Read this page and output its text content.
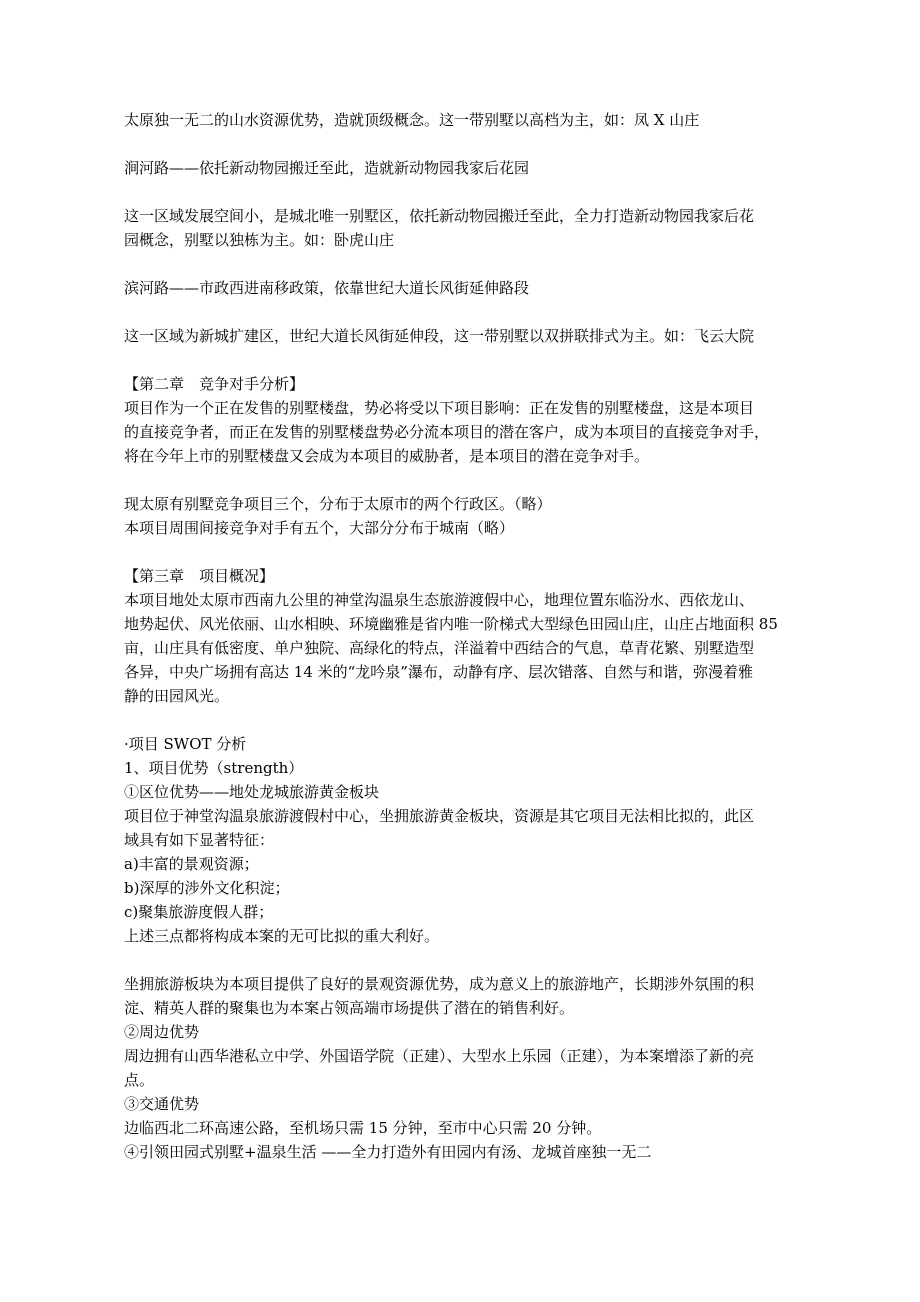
太原独一无二的山水资源优势，造就顶级概念。这一带别墅以高档为主，如：凤 X 山庄
涧河路——依托新动物园搬迁至此，造就新动物园我家后花园
这一区域发展空间小，是城北唯一别墅区，依托新动物园搬迁至此，全力打造新动物园我家后花
园概念，别墅以独栋为主。如：卧虎山庄
滨河路——市政西进南移政策，依靠世纪大道长风街延伸路段
这一区域为新城扩建区，世纪大道长风街延伸段，这一带别墅以双拼联排式为主。如：飞云大院
【第二章　竞争对手分析】
项目作为一个正在发售的别墅楼盘，势必将受以下项目影响：正在发售的别墅楼盘，这是本项目
的直接竞争者，而正在发售的别墅楼盘势必分流本项目的潜在客户，成为本项目的直接竞争对手，
将在今年上市的别墅楼盘又会成为本项目的威胁者，是本项目的潜在竞争对手。
现太原有别墅竞争项目三个，分布于太原市的两个行政区。（略）
本项目周围间接竞争对手有五个，大部分分布于城南（略）
【第三章　项目概况】
本项目地处太原市西南九公里的神堂沟温泉生态旅游渡假中心，地理位置东临汾水、西依龙山、
地势起伏、风光依丽、山水相映、环境幽雅是省内唯一阶梯式大型绿色田园山庄，山庄占地面积 85
亩，山庄具有低密度、单户独院、高绿化的特点，洋溢着中西结合的气息，草青花繁、别墅造型
各异，中央广场拥有高达 14 米的“龙吟泉”瀑布，动静有序、层次错落、自然与和谐，弥漫着雅
静的田园风光。
·项目 SWOT 分析
1、项目优势（strength）
①区位优势——地处龙城旅游黄金板块
项目位于神堂沟温泉旅游渡假村中心，坐拥旅游黄金板块，资源是其它项目无法相比拟的，此区
域具有如下显著特征：
a)丰富的景观资源；
b)深厚的涉外文化积淀；
c)聚集旅游度假人群；
上述三点都将构成本案的无可比拟的重大利好。
坐拥旅游板块为本项目提供了良好的景观资源优势，成为意义上的旅游地产，长期涉外氛围的积
淀、精英人群的聚集也为本案占领高端市场提供了潜在的销售利好。
②周边优势
周边拥有山西华港私立中学、外国语学院（正建）、大型水上乐园（正建），为本案增添了新的亮
点。
③交通优势
边临西北二环高速公路，至机场只需 15 分钟，至市中心只需 20 分钟。
④引领田园式别墅+温泉生活 ——全力打造外有田园内有汤、龙城首座独一无二
